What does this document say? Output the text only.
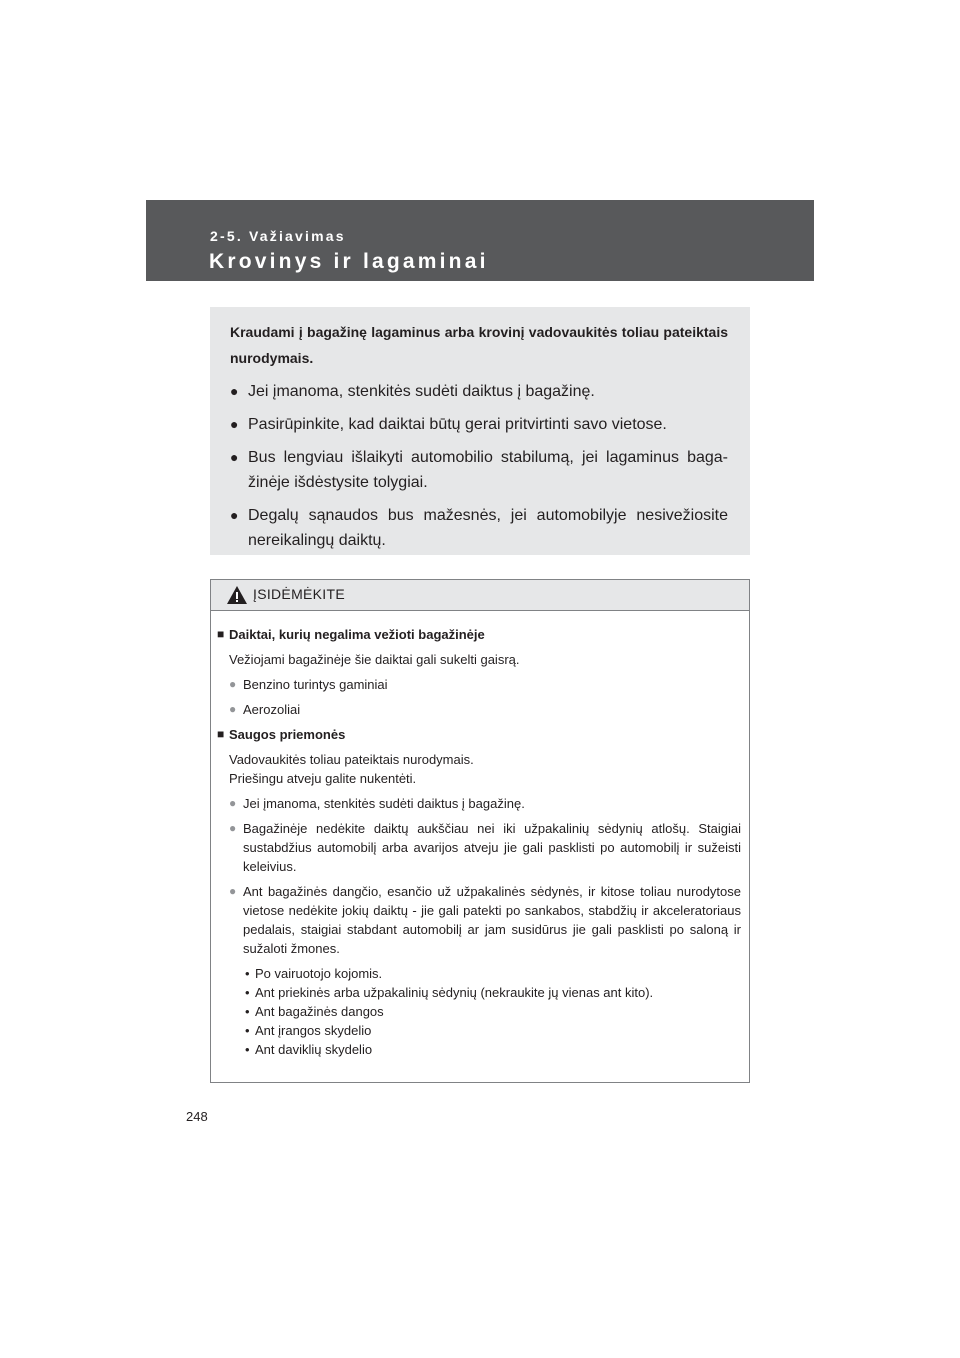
2-5. Važiavimas
Krovinys ir lagaminai

Kraudami į bagažinę lagaminus arba krovinį vadovaukitės toliau pateiktais nurodymais.

● Jei įmanoma, stenkitės sudėti daiktus į bagažinę.
● Pasirūpinkite, kad daiktai būtų gerai pritvirtinti savo vietose.
● Bus lengviau išlaikyti automobilio stabilumą, jei lagaminus baga- žinėje išdėstysite tolygiai.
● Degalų sąnaudos bus mažesnės, jei automobilyje nesivežiosite nereikalingų daiktų.
ĮSIDĖMĖKITE
■ Daiktai, kurių negalima vežioti bagažinėje
Vežiojami bagažinėje šie daiktai gali sukelti gaisrą.
● Benzino turintys gaminiai
● Aerozoliai
■ Saugos priemonės
Vadovaukitės toliau pateiktais nurodymais.
Priešingu atveju galite nukentėti.
● Jei įmanoma, stenkitės sudėti daiktus į bagažinę.
● Bagažinėje nedėkite daiktų aukščiau nei iki užpakalinių sėdynių atlošų. Staigiai sustabdžius automobilį arba avarijos atveju jie gali pasklisti po automobilį ir sužeisti keleivius.
● Ant bagažinės dangčio, esančio už užpakalinės sėdynės, ir kitose toliau nurodytose vietose nedėkite jokių daiktų - jie gali patekti po sankabos, stabdžių ir akceleratoriaus pedalais, staigiai stabdant automobilį ar jam susidūrus jie gali pasklisti po saloną ir sužaloti žmones.
• Po vairuotojo kojomis.
• Ant priekinės arba užpakalinių sėdynių (nekraukite jų vienas ant kito).
• Ant bagažinės dangos
• Ant įrangos skydelio
• Ant daviklių skydelio
248
